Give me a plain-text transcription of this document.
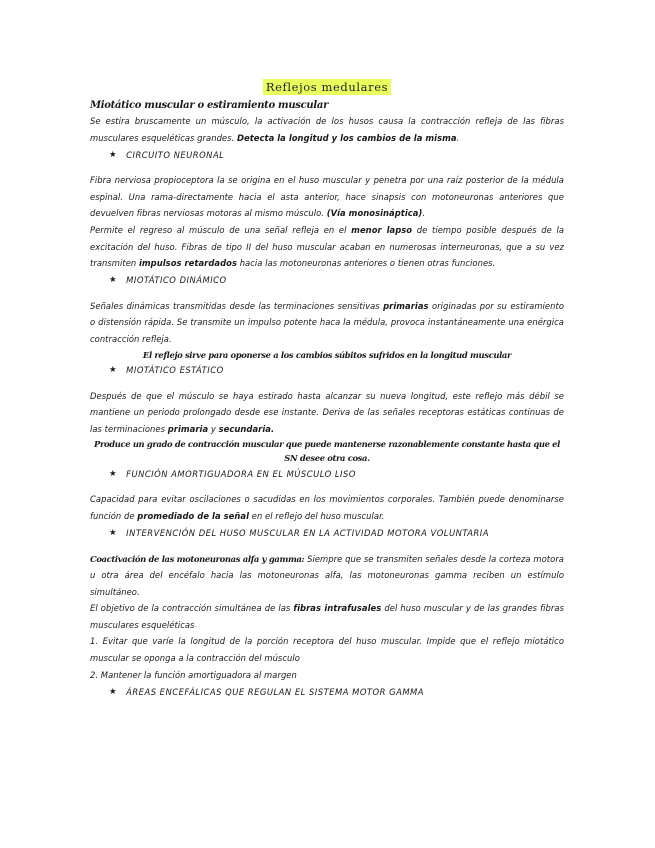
Reflejos medulares
Miotático muscular o estiramiento muscular

Se estira bruscamente un músculo, la activación de los husos causa la contracción refleja de las fibras musculares esqueléticas grandes. Detecta la longitud y los cambios de la misma.

★ CIRCUITO NEURONAL

Fibra nerviosa propioceptora la se origina en el huso muscular y penetra por una raíz posterior de la médula espinal. Una rama-directamente hacia el asta anterior, hace sinapsis con motoneuronas anteriores que devuelven fibras nerviosas motoras al mismo músculo. (Vía monosináptica).

Permite el regreso al músculo de una señal refleja en el menor lapso de tiempo posible después de la excitación del huso. Fibras de tipo II del huso muscular acaban en numerosas interneuronas, que a su vez transmiten impulsos retardados hacia las motoneuronas anteriores o tienen otras funciones.

★ MIOTÁTICO DINÁMICO

Señales dinámicas transmitidas desde las terminaciones sensitivas primarias originadas por su estiramiento o distensión rápida. Se transmite un impulso potente haca la médula, provoca instantáneamente una enérgica contracción refleja.

El reflejo sirve para oponerse a los cambios súbitos sufridos en la longitud muscular

★ MIOTÁTICO ESTÁTICO

Después de que el músculo se haya estirado hasta alcanzar su nueva longitud, este reflejo más débil se mantiene un periodo prolongado desde ese instante. Deriva de las señales receptoras estáticas continuas de las terminaciones primaria y secundaria.

Produce un grado de contracción muscular que puede mantenerse razonablemente constante hasta que el SN desee otra cosa.

★ FUNCIÓN AMORTIGUADORA EN EL MÚSCULO LISO

Capacidad para evitar oscilaciones o sacudidas en los movimientos corporales. También puede denominarse función de promediado de la señal en el reflejo del huso muscular.

★ INTERVENCIÓN DEL HUSO MUSCULAR EN LA ACTIVIDAD MOTORA VOLUNTARIA

Coactivación de las motoneuronas alfa y gamma: Siempre que se transmiten señales desde la corteza motora u otra área del encéfalo hacia las motoneuronas alfa, las motoneuronas gamma reciben un estímulo simultáneo.

El objetivo de la contracción simultánea de las fibras intrafusales del huso muscular y de las grandes fibras musculares esqueléticas

1. Evitar que varíe la longitud de la porción receptora del huso muscular. Impide que el reflejo miotático muscular se oponga a la contracción del músculo

2. Mantener la función amortiguadora al margen

★ ÁREAS ENCEFÁLICAS QUE REGULAN EL SISTEMA MOTOR GAMMA
